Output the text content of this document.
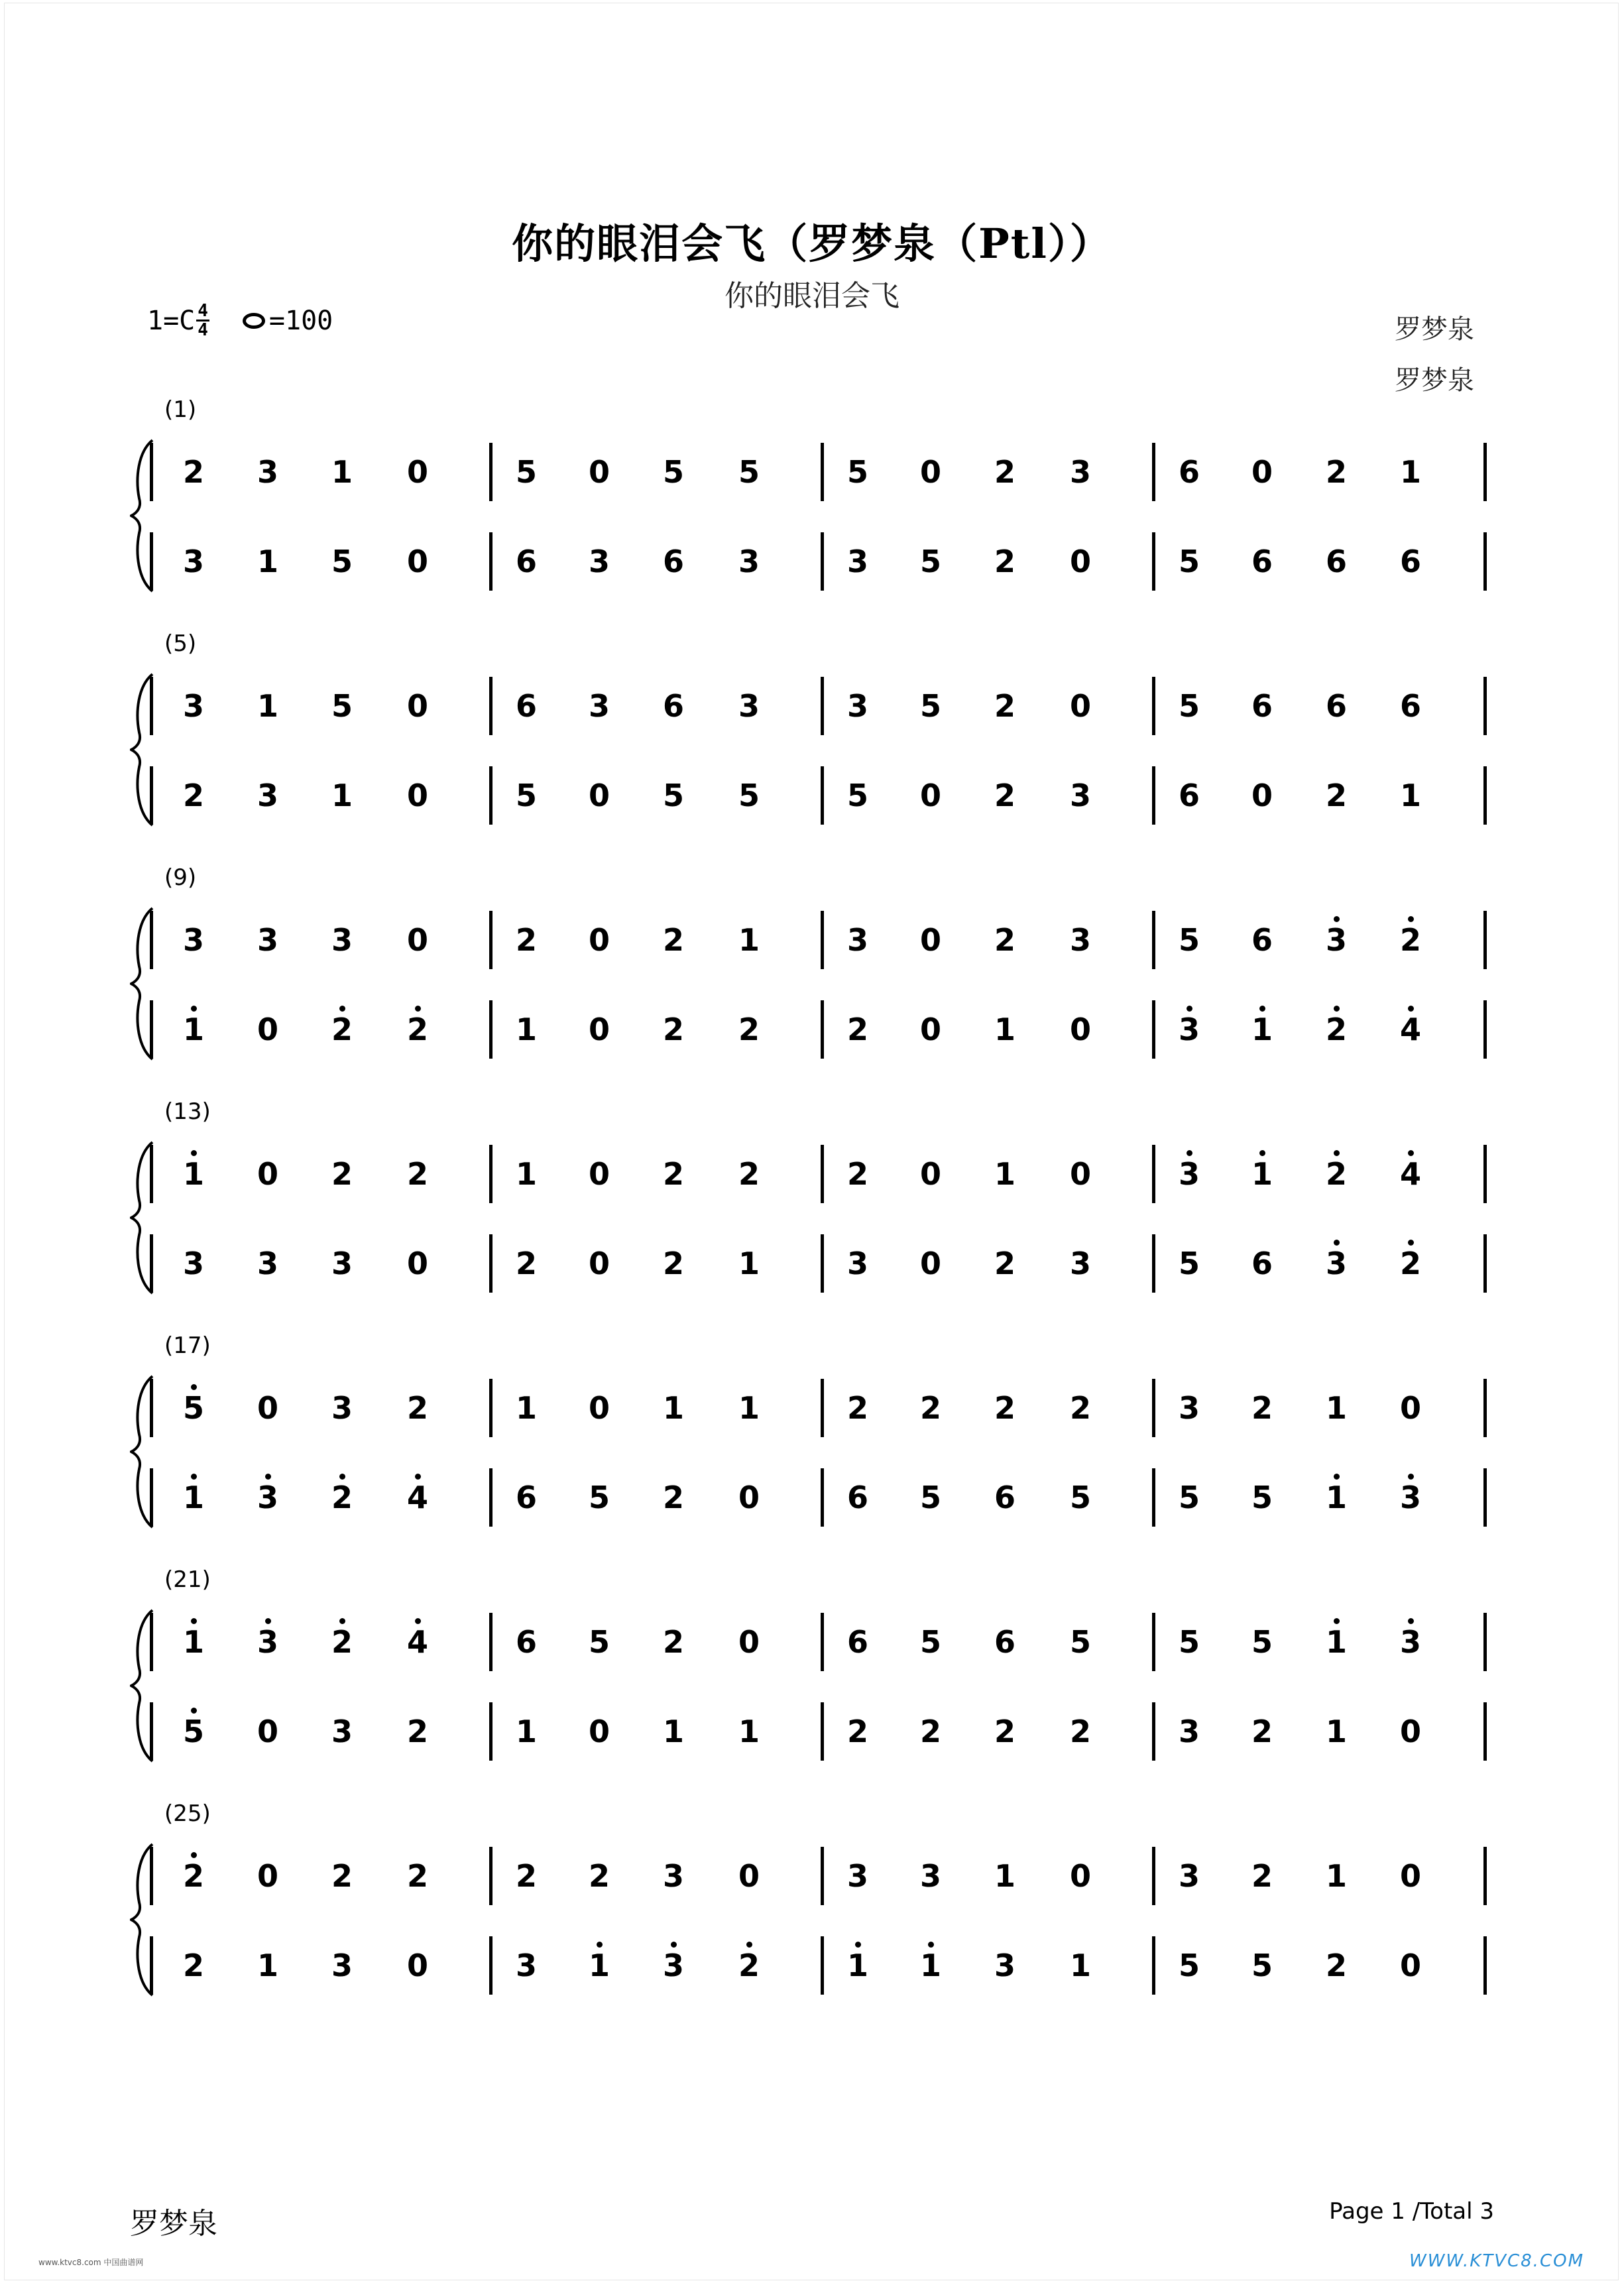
你的眼泪会飞（罗梦泉（Ptl））
你的眼泪会飞
$1=C \frac{4}{4} =100$	罗梦泉
罗梦泉
(1)
2	3	1	0	5	0	5	5	5	0	2	3	6	0	2	1
3	1	5	0	6	3	6	3	3	5	2	0	5	6	6	6
(5)
3	1	5	0	6	3	6	3	3	5	2	0	5	6	6	6
2	3	1	0	5	0	5	5	5	0	2	3	6	0	2	1
(9)
3	3	3	0	2	0	2	1	3	0	2	3	5	6	3	2
1	0	2	2	1	0	2	2	2	0	1	0	3	1	2	4
(13)
1	0	2	2	1	0	2	2	2	0	1	0	3	1	2	4
3	3	3	0	2	0	2	1	3	0	2	3	5	6	3	2
(17)
5	0	3	2	1	0	1	1	2	2	2	2	3	2	1	0
1	3	2	4	6	5	2	0	6	5	6	5	5	5	1	3
(21)
1	3	2	4	6	5	2	0	6	5	6	5	5	5	1	3
5	0	3	2	1	0	1	1	2	2	2	2	3	2	1	0
(25)
2	0	2	2	2	2	3	0	3	3	1	0	3	2	1	0
2	1	3	0	3	1	3	2	1	1	3	1	5	5	2	0
罗梦泉	Page 1 /Total 3
www.ktvc8.com 中国曲谱网	WWW.KTVC8.COM
